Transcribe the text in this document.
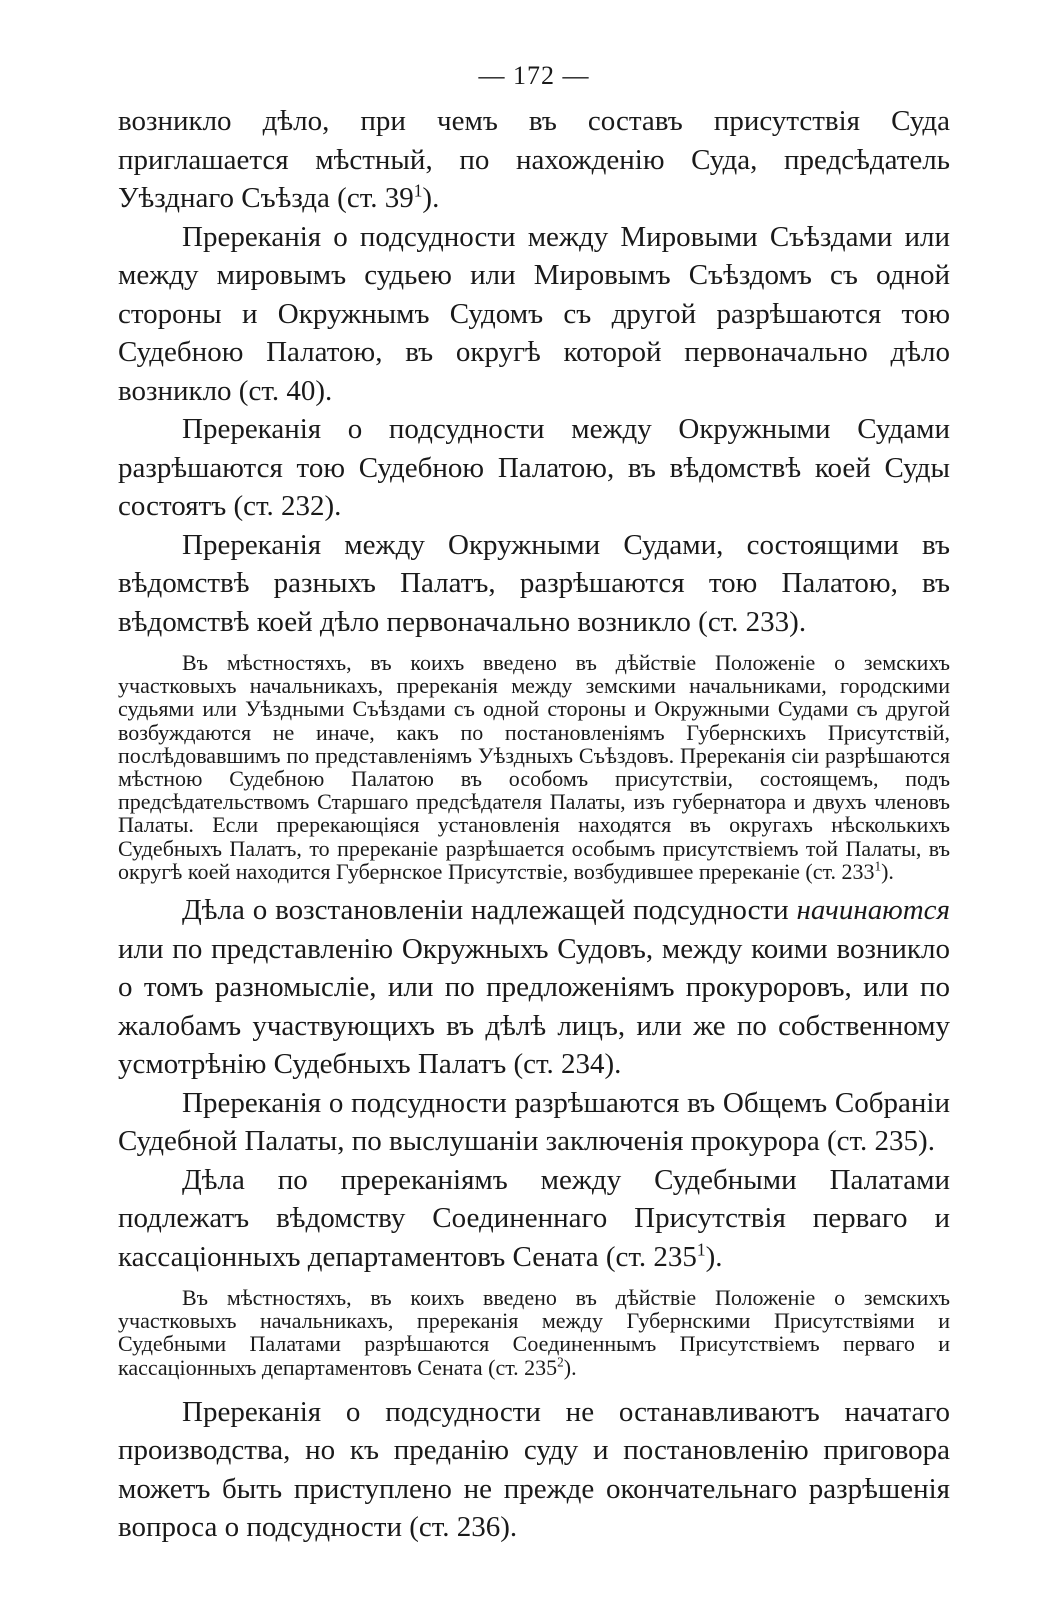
— 172 —

возникло дѣло, при чемъ въ составъ присутствія Суда приглашается мѣстный, по нахожденію Суда, предсѣдатель Уѣзднаго Съѣзда (ст. $39^1$).

Пререканія о подсудности между Мировыми Съѣздами или между мировымъ судьею или Мировымъ Съѣздомъ съ одной стороны и Окружнымъ Судомъ съ другой разрѣшаются тою Судебною Палатою, въ округѣ которой первоначально дѣло возникло (ст. 40).

Пререканія о подсудности между Окружными Судами разрѣшаются тою Судебною Палатою, въ вѣдомствѣ коей Суды состоятъ (ст. 232).

Пререканія между Окружными Судами, состоящими въ вѣдомствѣ разныхъ Палатъ, разрѣшаются тою Палатою, въ вѣдомствѣ коей дѣло первоначально возникло (ст. 233).

Въ мѣстностяхъ, въ коихъ введено въ дѣйствіе Положеніе о земскихъ участковыхъ начальникахъ, пререканія между земскими начальниками, городскими судьями или Уѣздными Съѣздами съ одной стороны и Окружными Судами съ другой возбуждаются не иначе, какъ по постановленіямъ Губернскихъ Присутствій, послѣдовавшимъ по представленіямъ Уѣздныхъ Съѣздовъ. Пререканія сіи разрѣшаются мѣстною Судебною Палатою въ особомъ присутствіи, состоящемъ, подъ предсѣдательствомъ Старшаго предсѣдателя Палаты, изъ губернатора и двухъ членовъ Палаты. Если пререкающіяся установленія находятся въ округахъ нѣсколькихъ Судебныхъ Палатъ, то пререканіе разрѣшается особымъ присутствіемъ той Палаты, въ округѣ коей находится Губернское Присутствіе, возбудившее пререканіе (ст. $233^1$).

Дѣла о возстановленіи надлежащей подсудности начинаются или по представленію Окружныхъ Судовъ, между коими возникло о томъ разномысліе, или по предложеніямъ прокуроровъ, или по жалобамъ участвующихъ въ дѣлѣ лицъ, или же по собственному усмотрѣнію Судебныхъ Палатъ (ст. 234).

Пререканія о подсудности разрѣшаются въ Общемъ Собраніи Судебной Палаты, по выслушаніи заключенія прокурора (ст. 235).

Дѣла по пререканіямъ между Судебными Палатами подлежатъ вѣдомству Соединеннаго Присутствія перваго и кассаціонныхъ департаментовъ Сената (ст. $235^1$).

Въ мѣстностяхъ, въ коихъ введено въ дѣйствіе Положеніе о земскихъ участковыхъ начальникахъ, пререканія между Губернскими Присутствіями и Судебными Палатами разрѣшаются Соединеннымъ Присутствіемъ перваго и кассаціонныхъ департаментовъ Сената (ст. $235^2$).

Пререканія о подсудности не останавливаютъ начатаго производства, но къ преданію суду и постановленію приговора можетъ быть приступлено не прежде окончательнаго разрѣшенія вопроса о подсудности (ст. 236).
